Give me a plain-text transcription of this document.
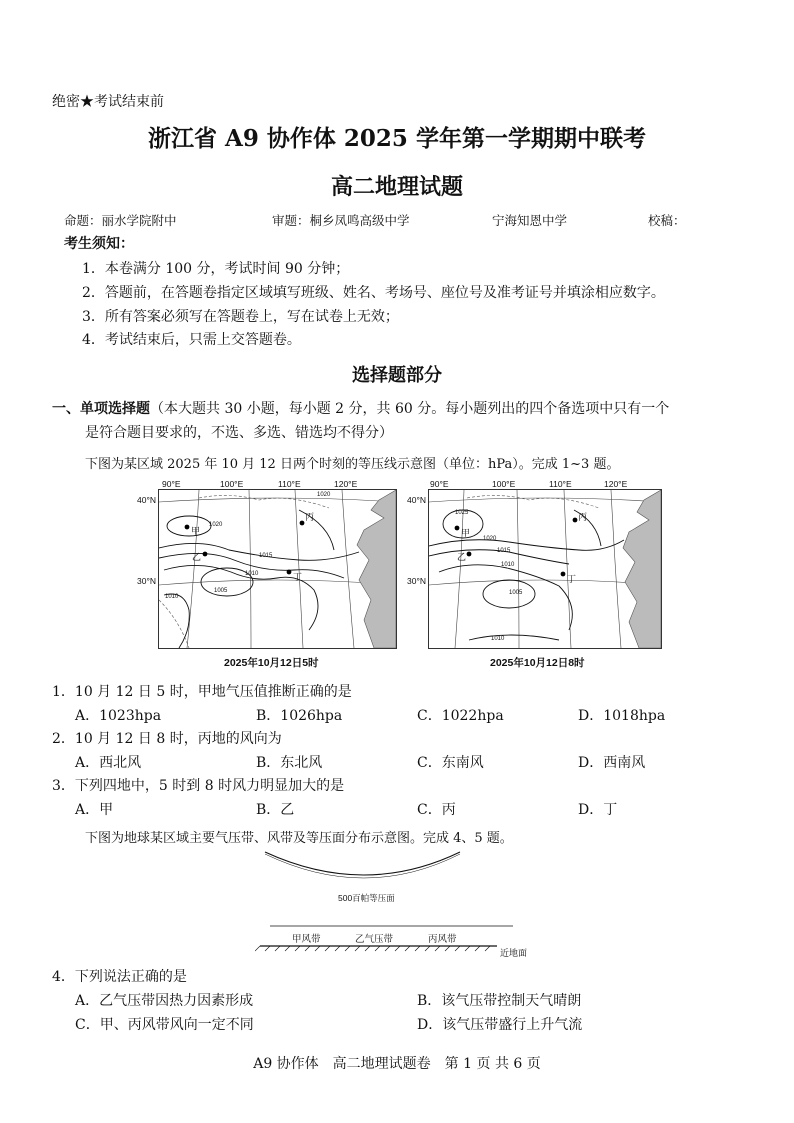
绝密★考试结束前
浙江省 A9 协作体 2025 学年第一学期期中联考
高二地理试题
命题：丽水学院附中	审题：桐乡凤鸣高级中学	宁海知恩中学	校稿：
考生须知：
1．本卷满分 100 分，考试时间 90 分钟；
2．答题前，在答题卷指定区域填写班级、姓名、考场号、座位号及准考证号并填涂相应数字。
3．所有答案必须写在答题卷上，写在试卷上无效；
4．考试结束后，只需上交答题卷。
选择题部分
一、单项选择题（本大题共 30 小题，每小题 2 分，共 60 分。每小题列出的四个备选项中只有一个
是符合题目要求的，不选、多选、错选均不得分）
下图为某区域 2025 年 10 月 12 日两个时刻的等压线示意图（单位：hPa）。完成 1~3 题。
甲
乙
丙
丁
1020
1020
1015
1010
1005
1010
90°E	100°E	110°E	120°E
40°N
30°N
2025年10月12日5时
甲
乙
丙
丁
1025
1020
1015
1010
1005
1010
90°E	100°E	110°E	120°E
40°N
30°N
2025年10月12日8时
1．10 月 12 日 5 时，甲地气压值推断正确的是
A．1023hpa	B．1026hpa	C．1022hpa	D．1018hpa
2．10 月 12 日 8 时，丙地的风向为
A．西北风	B．东北风	C．东南风	D．西南风
3．下列四地中，5 时到 8 时风力明显加大的是
A．甲	B．乙	C．丙	D．丁
下图为地球某区域主要气压带、风带及等压面分布示意图。完成 4、5 题。
500百帕等压面
甲风带	乙气压带	丙风带
近地面
4．下列说法正确的是
A．乙气压带因热力因素形成	B．该气压带控制天气晴朗
C．甲、丙风带风向一定不同	D．该气压带盛行上升气流
A9 协作体　高二地理试题卷　第 1 页 共 6 页
